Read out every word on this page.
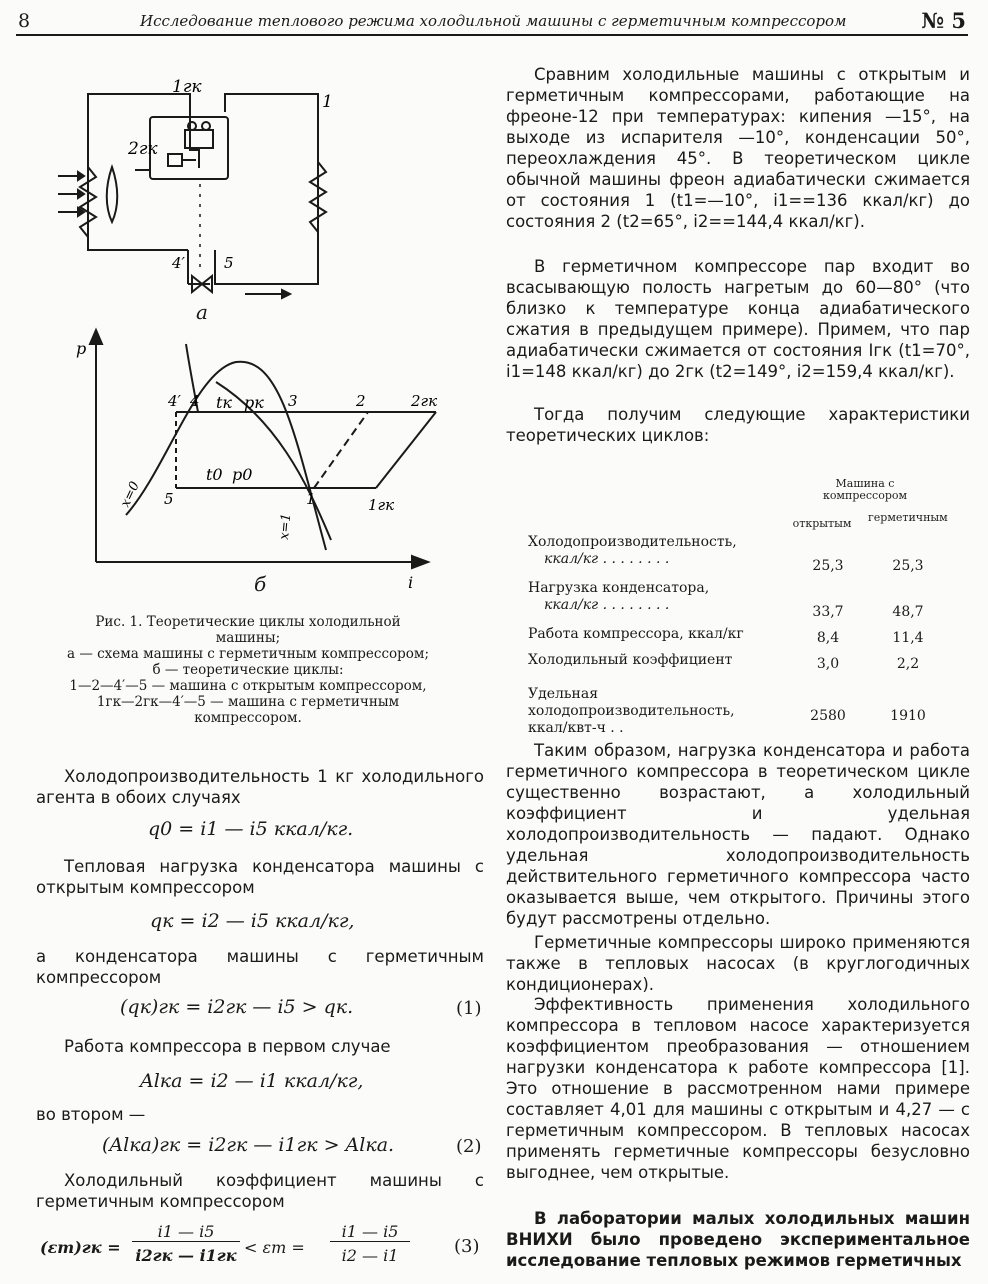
8	Исследование теплового режима холодильной машины с герметичным компрессором	№ 5
1гк
1
2гк
4′	5
а
p
i
4′ 4 tк pк 3	2	2гк
t0 p0
5	1	1гк
x=0
x=1
б
Рис. 1. Теоретические циклы холодильной машины;
а — схема машины с герметичным компрессором; б — теоретические циклы:
1—2—4′—5 — машина с открытым компрессором, 1гк—2гк—4′—5 — машина с герметичным компрессором.
Холодопроизводительность 1 кг холодильного агента в обоих случаях
q0 = i1 — i5 ккал/кг.
Тепловая нагрузка конденсатора машины с открытым компрессором
qк = i2 — i5 ккал/кг,
а конденсатора машины с герметичным компрессором
(qк)гк = i2гк — i5 > qк.	(1)
Работа компрессора в первом случае
Alка = i2 — i1 ккал/кг,
во втором —
(Alка)гк = i2гк — i1гк > Alка.	(2)
Холодильный коэффициент машины с герметичным компрессором
(εт)гк =
i1 — i5
i2гк — i1гк < εт =
i1 — i5
i2 — i1	(3)
Сравним холодильные машины с открытым и герметичным компрессорами, работающие на фреоне-12 при температурах: кипения —15°, на выходе из испарителя —10°, конденсации 50°, переохлаждения 45°. В теоретическом цикле обычной машины фреон адиабатически сжимается от состояния 1 (t1=—10°, i1==136 ккал/кг) до состояния 2 (t2=65°, i2==144,4 ккал/кг).
В герметичном компрессоре пар входит во всасывающую полость нагретым до 60—80° (что близко к температуре конца адиабатического сжатия в предыдущем примере). Примем, что пар адиабатически сжимается от состояния Iгк (t1=70°, i1=148 ккал/кг) до 2гк (t2=149°, i2=159,4 ккал/кг).
Тогда получим следующие характеристики теоретических циклов:
Машина с компрессором
открытым	герметичным
Холодопроизводительность,
ккал/кг . . . . . . . .	25,3	25,3
Нагрузка конденсатора,
ккал/кг . . . . . . . .	33,7	48,7
Работа компрессора, ккал/кг	8,4	11,4
Холодильный коэффициент	3,0	2,2
Удельная холодопроизводительность, ккал/квт-ч . .
2580	1910
Таким образом, нагрузка конденсатора и работа герметичного компрессора в теоретическом цикле существенно возрастают, а холодильный коэффициент и удельная холодопроизводительность — падают. Однако удельная холодопроизводительность действительного герметичного компрессора часто оказывается выше, чем открытого. Причины этого будут рассмотрены отдельно.
Герметичные компрессоры широко применяются также в тепловых насосах (в круглогодичных кондиционерах).
Эффективность применения холодильного компрессора в тепловом насосе характеризуется коэффициентом преобразования — отношением нагрузки конденсатора к работе компрессора [1]. Это отношение в рассмотренном нами примере составляет 4,01 для машины с открытым и 4,27 — с герметичным компрессором. В тепловых насосах применять герметичные компрессоры безусловно выгоднее, чем открытые.
В лаборатории малых холодильных машин ВНИХИ было проведено экспериментальное исследование тепловых режимов герметичных
